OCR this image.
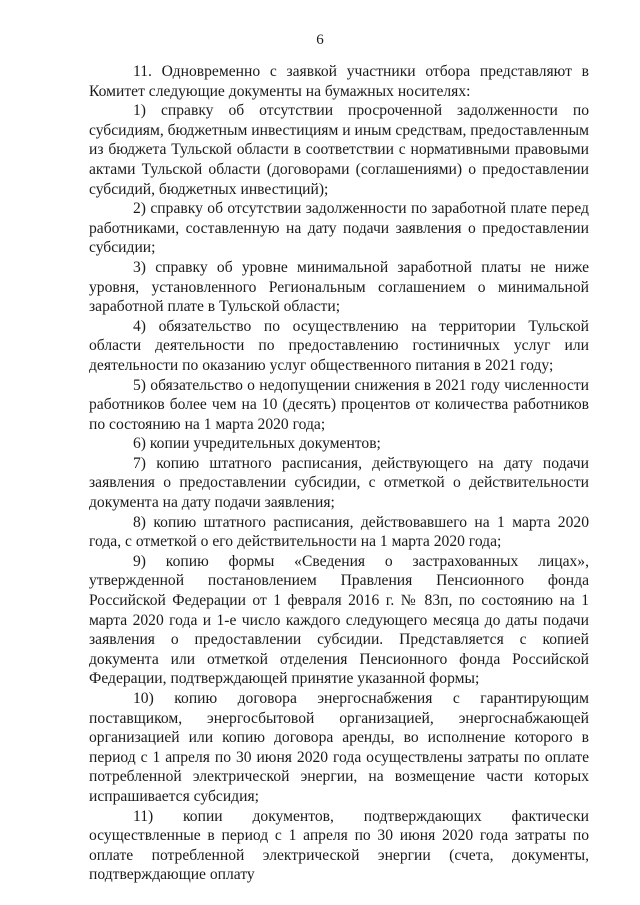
6

11. Одновременно с заявкой участники отбора представляют в Комитет следующие документы на бумажных носителях:

1) справку об отсутствии просроченной задолженности по субсидиям, бюджетным инвестициям и иным средствам, предоставленным из бюджета Тульской области в соответствии с нормативными правовыми актами Тульской области (договорами (соглашениями) о предоставлении субсидий, бюджетных инвестиций);

2) справку об отсутствии задолженности по заработной плате перед работниками, составленную на дату подачи заявления о предоставлении субсидии;

3) справку об уровне минимальной заработной платы не ниже уровня, установленного Региональным соглашением о минимальной заработной плате в Тульской области;

4) обязательство по осуществлению на территории Тульской области деятельности по предоставлению гостиничных услуг или деятельности по оказанию услуг общественного питания в 2021 году;

5) обязательство о недопущении снижения в 2021 году численности работников более чем на 10 (десять) процентов от количества работников по состоянию на 1 марта 2020 года;

6) копии учредительных документов;

7) копию штатного расписания, действующего на дату подачи заявления о предоставлении субсидии, с отметкой о действительности документа на дату подачи заявления;

8) копию штатного расписания, действовавшего на 1 марта 2020 года, с отметкой о его действительности на 1 марта 2020 года;

9) копию формы «Сведения о застрахованных лицах», утвержденной постановлением Правления Пенсионного фонда Российской Федерации от 1 февраля 2016 г. № 83п, по состоянию на 1 марта 2020 года и 1-е число каждого следующего месяца до даты подачи заявления о предоставлении субсидии. Представляется с копией документа или отметкой отделения Пенсионного фонда Российской Федерации, подтверждающей принятие указанной формы;

10) копию договора энергоснабжения с гарантирующим поставщиком, энергосбытовой организацией, энергоснабжающей организацией или копию договора аренды, во исполнение которого в период с 1 апреля по 30 июня 2020 года осуществлены затраты по оплате потребленной электрической энергии, на возмещение части которых испрашивается субсидия;

11) копии документов, подтверждающих фактически осуществленные в период с 1 апреля по 30 июня 2020 года затраты по оплате потребленной электрической энергии (счета, документы, подтверждающие оплату
